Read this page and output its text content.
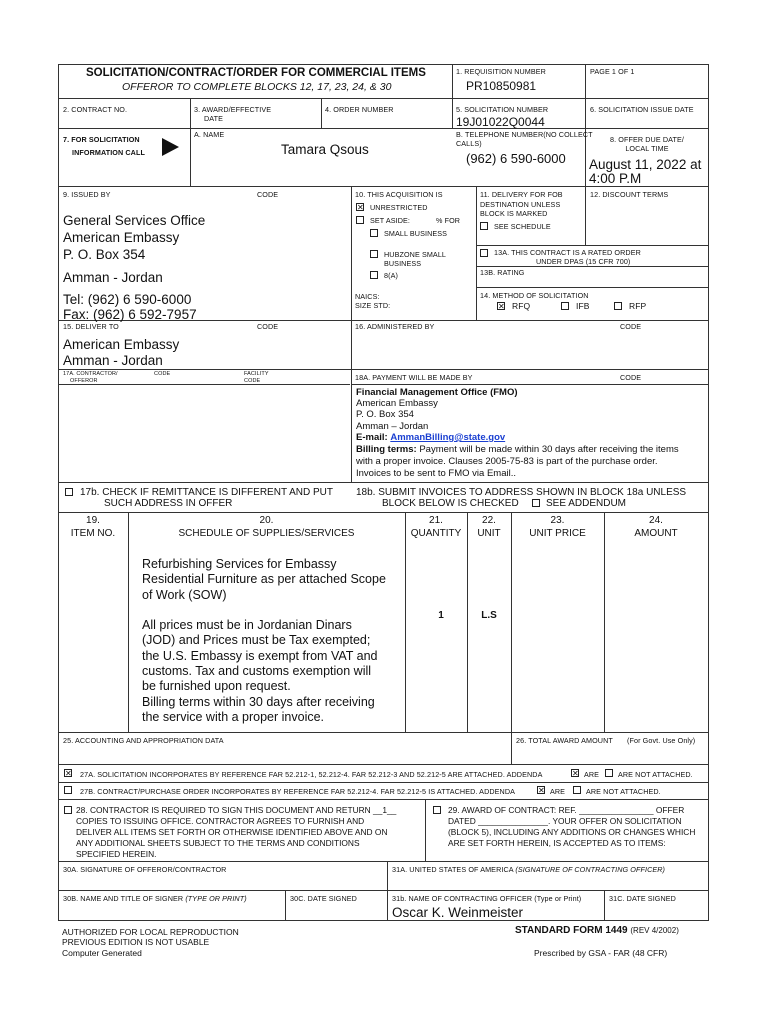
SOLICITATION/CONTRACT/ORDER FOR COMMERCIAL ITEMS
OFFEROR TO COMPLETE BLOCKS 12, 17, 23, 24, & 30
1. REQUISITION NUMBER
PR10850981
PAGE 1 OF 1
2. CONTRACT NO.	3. AWARD/EFFECTIVE
DATE
4. ORDER NUMBER	5. SOLICITATION NUMBER
19J01022Q0044
6. SOLICITATION ISSUE DATE
7. FOR SOLICITATION
INFORMATION CALL
A. NAME
Tamara Qsous
B. TELEPHONE NUMBER(NO COLLECT
CALLS)
(962) 6 590-6000
8. OFFER DUE DATE/
LOCAL TIME
August 11, 2022 at
4:00 P.M
9. ISSUED BY	CODE
General Services Office
American Embassy
P. O. Box 354
Amman - Jordan
Tel: (962) 6 590-6000
Fax: (962) 6 592-7957
10. THIS ACQUISITION IS
✕ UNRESTRICTED
SET ASIDE:	% FOR
SMALL BUSINESS
HUBZONE SMALL
BUSINESS
8(A)
NAICS:
SIZE STD:
11. DELIVERY FOR FOB
DESTINATION UNLESS
BLOCK IS MARKED
SEE SCHEDULE
12. DISCOUNT TERMS
13A. THIS CONTRACT IS A RATED ORDER
UNDER DPAS (15 CFR 700)
13B. RATING
14. METHOD OF SOLICITATION
✕ RFQ	IFB	RFP
15. DELIVER TO	CODE
American Embassy
Amman - Jordan
16. ADMINISTERED BY	CODE
17A. CONTRACTOR/
OFFEROR
CODE	FACILITY
CODE	18A. PAYMENT WILL BE MADE BY	CODE
Financial Management Office (FMO)
American Embassy
P. O. Box 354
Amman – Jordan
E-mail: AmmanBilling@state.gov
Billing terms: Payment will be made within 30 days after receiving the items
with a proper invoice. Clauses 2005-75-83 is part of the purchase order.
Invoices to be sent to FMO via Email..
17b. CHECK IF REMITTANCE IS DIFFERENT AND PUT
SUCH ADDRESS IN OFFER
18b. SUBMIT INVOICES TO ADDRESS SHOWN IN BLOCK 18a UNLESS
BLOCK BELOW IS CHECKED	SEE ADDENDUM
19.
ITEM NO.
20.
SCHEDULE OF SUPPLIES/SERVICES
21.
QUANTITY
22.
UNIT
23.
UNIT PRICE
24.
AMOUNT
Refurbishing Services for Embassy
Residential Furniture as per attached Scope
of Work (SOW)
All prices must be in Jordanian Dinars
(JOD) and Prices must be Tax exempted;
the U.S. Embassy is exempt from VAT and
customs. Tax and customs exemption will
be furnished upon request.
Billing terms within 30 days after receiving
the service with a proper invoice.
1	L.S
25. ACCOUNTING AND APPROPRIATION DATA	26. TOTAL AWARD AMOUNT (For Govt. Use Only)
✕ 27A. SOLICITATION INCORPORATES BY REFERENCE FAR 52.212-1, 52.212-4. FAR 52.212-3 AND 52.212-5 ARE ATTACHED. ADDENDA	✕ ARE	ARE NOT ATTACHED.
27B. CONTRACT/PURCHASE ORDER INCORPORATES BY REFERENCE FAR 52.212-4. FAR 52.212-5 IS ATTACHED. ADDENDA	✕ ARE	ARE NOT ATTACHED.
28. CONTRACTOR IS REQUIRED TO SIGN THIS DOCUMENT AND RETURN __1__
COPIES TO ISSUING OFFICE. CONTRACTOR AGREES TO FURNISH AND
DELIVER ALL ITEMS SET FORTH OR OTHERWISE IDENTIFIED ABOVE AND ON
ANY ADDITIONAL SHEETS SUBJECT TO THE TERMS AND CONDITIONS
SPECIFIED HEREIN.
29. AWARD OF CONTRACT: REF. ________________ OFFER
DATED _______________. YOUR OFFER ON SOLICITATION
(BLOCK 5), INCLUDING ANY ADDITIONS OR CHANGES WHICH
ARE SET FORTH HEREIN, IS ACCEPTED AS TO ITEMS:
30A. SIGNATURE OF OFFEROR/CONTRACTOR	31A. UNITED STATES OF AMERICA (SIGNATURE OF CONTRACTING OFFICER)
30B. NAME AND TITLE OF SIGNER (TYPE OR PRINT)	30C. DATE SIGNED	31b. NAME OF CONTRACTING OFFICER (Type or Print)
Oscar K. Weinmeister
31C. DATE SIGNED
AUTHORIZED FOR LOCAL REPRODUCTION
PREVIOUS EDITION IS NOT USABLE
Computer Generated
STANDARD FORM 1449 (REV 4/2002)
Prescribed by GSA - FAR (48 CFR)
